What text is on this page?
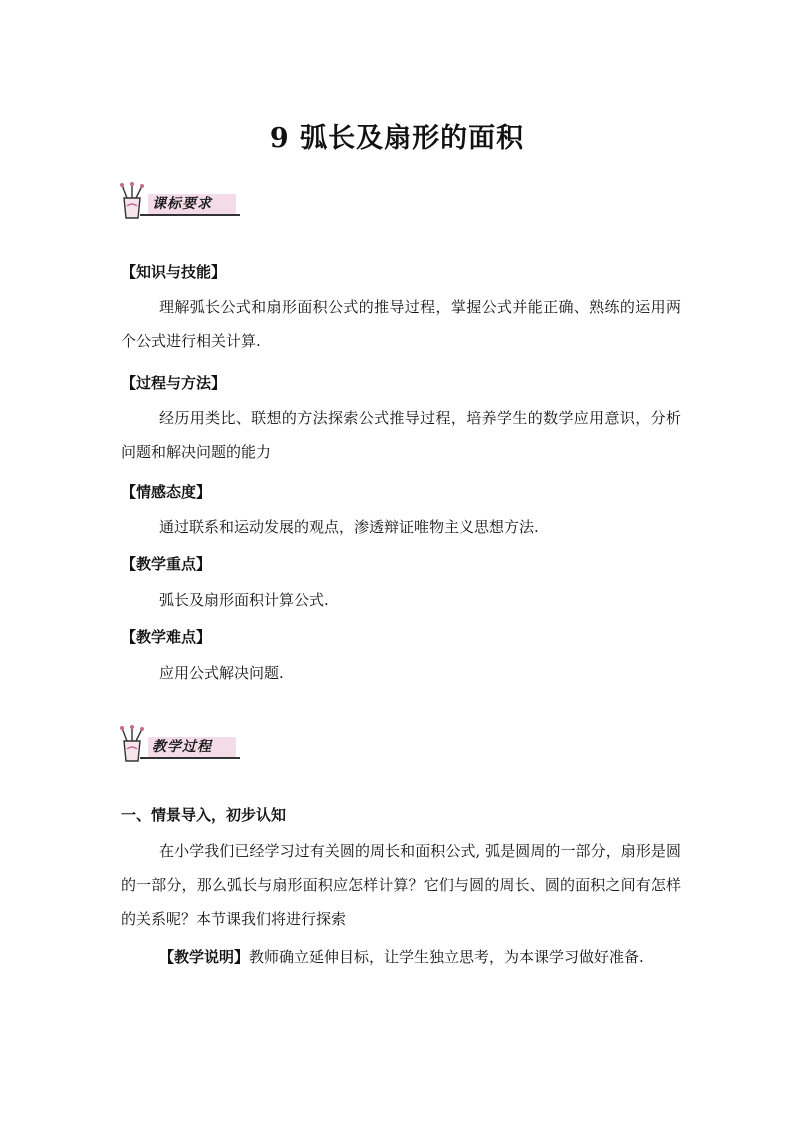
9 弧长及扇形的面积
课标要求
【知识与技能】
理解弧长公式和扇形面积公式的推导过程，掌握公式并能正确、熟练的运用两个公式进行相关计算.
【过程与方法】
经历用类比、联想的方法探索公式推导过程，培养学生的数学应用意识，分析问题和解决问题的能力
【情感态度】
通过联系和运动发展的观点，渗透辩证唯物主义思想方法.
【教学重点】
弧长及扇形面积计算公式.
【教学难点】
应用公式解决问题.
教学过程
一、情景导入，初步认知
在小学我们已经学习过有关圆的周长和面积公式, 弧是圆周的一部分，扇形是圆的一部分，那么弧长与扇形面积应怎样计算？它们与圆的周长、圆的面积之间有怎样的关系呢？本节课我们将进行探索
【教学说明】教师确立延伸目标，让学生独立思考，为本课学习做好准备.
